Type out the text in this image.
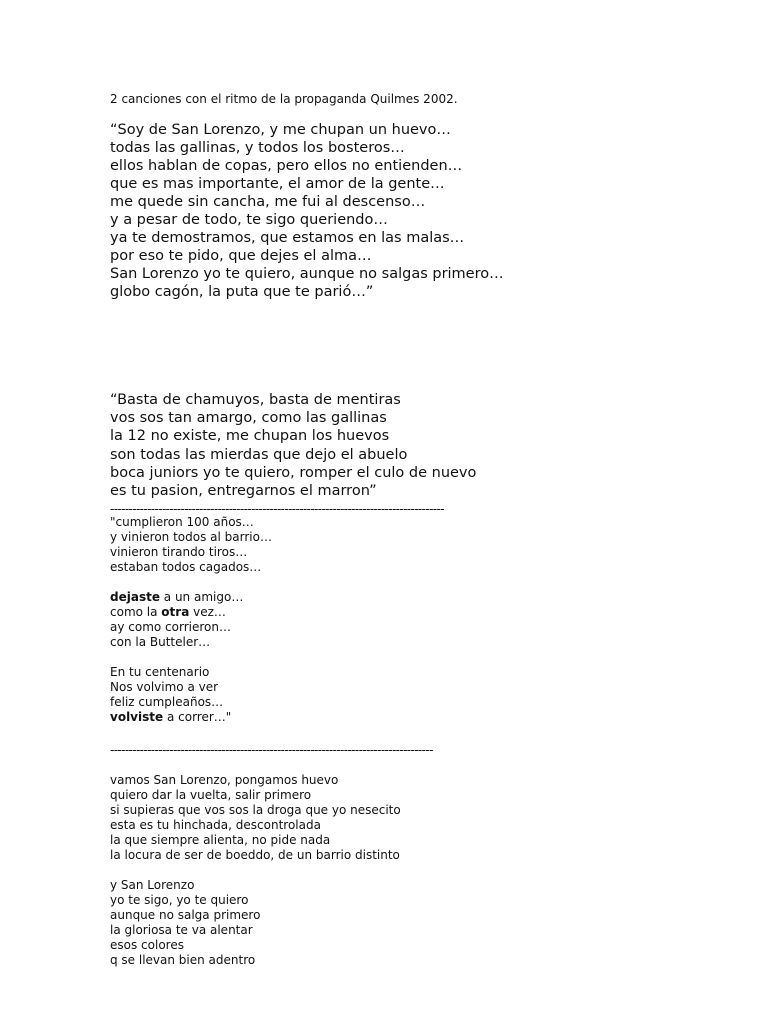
2 canciones con el ritmo de la propaganda Quilmes 2002.
“Soy de San Lorenzo, y me chupan un huevo…
todas las gallinas, y todos los bosteros…
ellos hablan de copas, pero ellos no entienden…
que es mas importante, el amor de la gente…
me quede sin cancha, me fui al descenso…
y a pesar de todo, te sigo queriendo…
ya te demostramos, que estamos en las malas…
por eso te pido, que dejes el alma…
San Lorenzo yo te quiero, aunque no salgas primero…
globo cagón, la puta que te parió…”
“Basta de chamuyos, basta de mentiras
vos sos tan amargo, como las gallinas
la 12 no existe, me chupan los huevos
son todas las mierdas que dejo el abuelo
boca juniors yo te quiero, romper el culo de nuevo
es tu pasion, entregarnos el marron”
------------------------------------------------------------------------------------------
"cumplieron 100 años…
y vinieron todos al barrio…
vinieron tirando tiros…
estaban todos cagados…
dejaste a un amigo…
como la otra vez…
ay como corrieron…
con la Butteler…
En tu centenario
Nos volvimo a ver
feliz cumpleaños…
volviste a correr…"
---------------------------------------------------------------------------------------
vamos San Lorenzo, pongamos huevo
quiero dar la vuelta, salir primero
si supieras que vos sos la droga que yo nesecito
esta es tu hinchada, descontrolada
la que siempre alienta, no pide nada
la locura de ser de boeddo, de un barrio distinto
y San Lorenzo
yo te sigo, yo te quiero
aunque no salga primero
la gloriosa te va alentar
esos colores
q se llevan bien adentro
